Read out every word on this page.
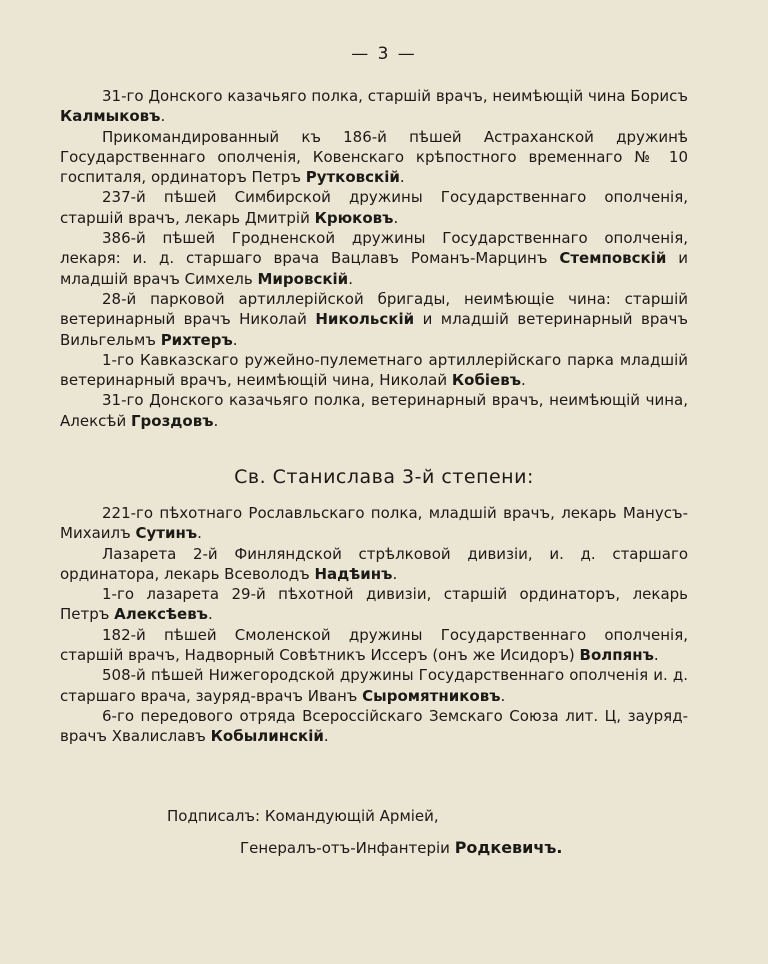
— 3 —

31-го Донского казачьяго полка, старшій врачъ, неимѣющій чина Борисъ Калмыковъ.

Прикомандированный къ 186-й пѣшей Астраханской дружинѣ Государственнаго ополченія, Ковенскаго крѣпостного временнаго № 10 госпиталя, ординаторъ Петръ Рутковскій.

237-й пѣшей Симбирской дружины Государственнаго ополченія, старшій врачъ, лекарь Дмитрій Крюковъ.

386-й пѣшей Гродненской дружины Государственнаго ополченія, лекаря: и. д. старшаго врача Вацлавъ Романъ-Марцинъ Стемповскій и младшій врачъ Симхель Мировскій.

28-й парковой артиллерійской бригады, неимѣющіе чина: старшій ветеринарный врачъ Николай Никольскій и младшій ветеринарный врачъ Вильгельмъ Рихтеръ.

1-го Кавказскаго ружейно-пулеметнаго артиллерійскаго парка младшій ветеринарный врачъ, неимѣющій чина, Николай Кобіевъ.

31-го Донского казачьяго полка, ветеринарный врачъ, неимѣющій чина, Алексѣй Гроздовъ.

Св. Станислава 3-й степени:

221-го пѣхотнаго Рославльскаго полка, младшій врачъ, лекарь Манусъ-Михаилъ Сутинъ.

Лазарета 2-й Финляндской стрѣлковой дивизіи, и. д. старшаго ординатора, лекарь Всеволодъ Надѣинъ.

1-го лазарета 29-й пѣхотной дивизіи, старшій ординаторъ, лекарь Петръ Алексѣевъ.

182-й пѣшей Смоленской дружины Государственнаго ополченія, старшій врачъ, Надворный Совѣтникъ Иссеръ (онъ же Исидоръ) Волпянъ.

508-й пѣшей Нижегородской дружины Государственнаго ополченія и. д. старшаго врача, зауряд-врачъ Иванъ Сыромятниковъ.

6-го передового отряда Всероссійскаго Земскаго Союза лит. Ц, зауряд-врачъ Хвалиславъ Кобылинскій.

Подписалъ: Командующій Арміей,
Генералъ-отъ-Инфантеріи Родкевичъ.
